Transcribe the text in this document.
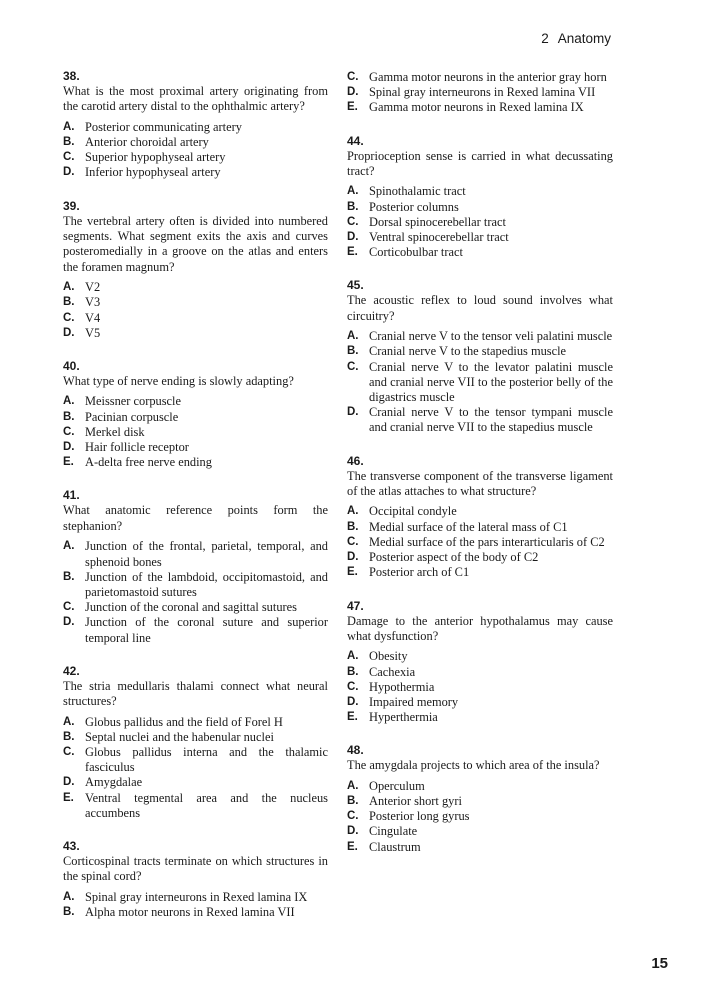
2 Anatomy
38.
What is the most proximal artery originating from the carotid artery distal to the ophthalmic artery?
A. Posterior communicating artery
B. Anterior choroidal artery
C. Superior hypophyseal artery
D. Inferior hypophyseal artery
39.
The vertebral artery often is divided into numbered segments. What segment exits the axis and curves posteromedially in a groove on the atlas and enters the foramen magnum?
A. V2
B. V3
C. V4
D. V5
40.
What type of nerve ending is slowly adapting?
A. Meissner corpuscle
B. Pacinian corpuscle
C. Merkel disk
D. Hair follicle receptor
E. A-delta free nerve ending
41.
What anatomic reference points form the stephanion?
A. Junction of the frontal, parietal, temporal, and sphenoid bones
B. Junction of the lambdoid, occipitomastoid, and parietomastoid sutures
C. Junction of the coronal and sagittal sutures
D. Junction of the coronal suture and superior temporal line
42.
The stria medullaris thalami connect what neural structures?
A. Globus pallidus and the field of Forel H
B. Septal nuclei and the habenular nuclei
C. Globus pallidus interna and the thalamic fasciculus
D. Amygdalae
E. Ventral tegmental area and the nucleus accumbens
43.
Corticospinal tracts terminate on which structures in the spinal cord?
A. Spinal gray interneurons in Rexed lamina IX
B. Alpha motor neurons in Rexed lamina VII
C. Gamma motor neurons in the anterior gray horn
D. Spinal gray interneurons in Rexed lamina VII
E. Gamma motor neurons in Rexed lamina IX
44.
Proprioception sense is carried in what decussating tract?
A. Spinothalamic tract
B. Posterior columns
C. Dorsal spinocerebellar tract
D. Ventral spinocerebellar tract
E. Corticobulbar tract
45.
The acoustic reflex to loud sound involves what circuitry?
A. Cranial nerve V to the tensor veli palatini muscle
B. Cranial nerve V to the stapedius muscle
C. Cranial nerve V to the levator palatini muscle and cranial nerve VII to the posterior belly of the digastrics muscle
D. Cranial nerve V to the tensor tympani muscle and cranial nerve VII to the stapedius muscle
46.
The transverse component of the transverse ligament of the atlas attaches to what structure?
A. Occipital condyle
B. Medial surface of the lateral mass of C1
C. Medial surface of the pars interarticularis of C2
D. Posterior aspect of the body of C2
E. Posterior arch of C1
47.
Damage to the anterior hypothalamus may cause what dysfunction?
A. Obesity
B. Cachexia
C. Hypothermia
D. Impaired memory
E. Hyperthermia
48.
The amygdala projects to which area of the insula?
A. Operculum
B. Anterior short gyri
C. Posterior long gyrus
D. Cingulate
E. Claustrum
15
